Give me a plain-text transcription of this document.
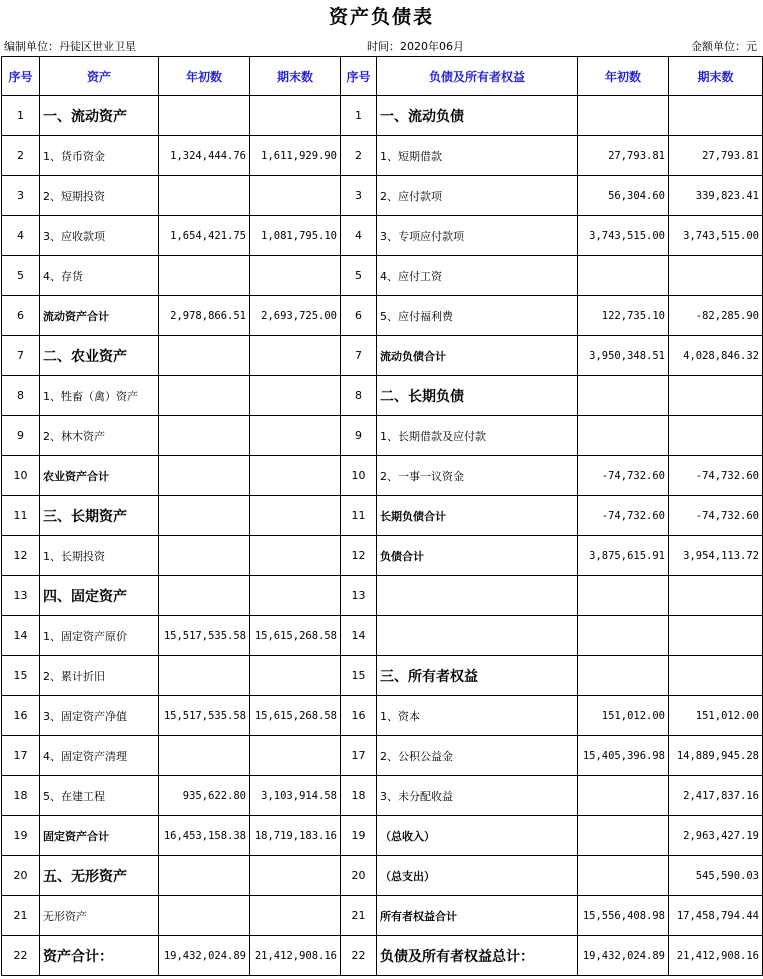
资产负债表
编制单位：丹徒区世业卫星	时间：2020年06月	金额单位：元
序号	资产	年初数	期末数	序号	负债及所有者权益	年初数	期末数
1	一、流动资产			1	一、流动负债		
2	1、货币资金	1,324,444.76	1,611,929.90	2	1、短期借款	27,793.81	27,793.81
3	2、短期投资			3	2、应付款项	56,304.60	339,823.41
4	3、应收款项	1,654,421.75	1,081,795.10	4	3、专项应付款项	3,743,515.00	3,743,515.00
5	4、存货			5	4、应付工资		
6	流动资产合计	2,978,866.51	2,693,725.00	6	5、应付福利费	122,735.10	-82,285.90
7	二、农业资产			7	流动负债合计	3,950,348.51	4,028,846.32
8	1、牲畜（禽）资产			8	二、长期负债		
9	2、林木资产			9	1、长期借款及应付款		
10	农业资产合计			10	2、一事一议资金	-74,732.60	-74,732.60
11	三、长期资产			11	长期负债合计	-74,732.60	-74,732.60
12	1、长期投资			12	负债合计	3,875,615.91	3,954,113.72
13	四、固定资产			13			
14	1、固定资产原价	15,517,535.58	15,615,268.58	14			
15	2、累计折旧			15	三、所有者权益		
16	3、固定资产净值	15,517,535.58	15,615,268.58	16	1、资本	151,012.00	151,012.00
17	4、固定资产清理			17	2、公积公益金	15,405,396.98	14,889,945.28
18	5、在建工程	935,622.80	3,103,914.58	18	3、未分配收益		2,417,837.16
19	固定资产合计	16,453,158.38	18,719,183.16	19	（总收入）		2,963,427.19
20	五、无形资产			20	（总支出）		545,590.03
21	无形资产			21	所有者权益合计	15,556,408.98	17,458,794.44
22	资产合计：	19,432,024.89	21,412,908.16	22	负债及所有者权益总计：	19,432,024.89	21,412,908.16
